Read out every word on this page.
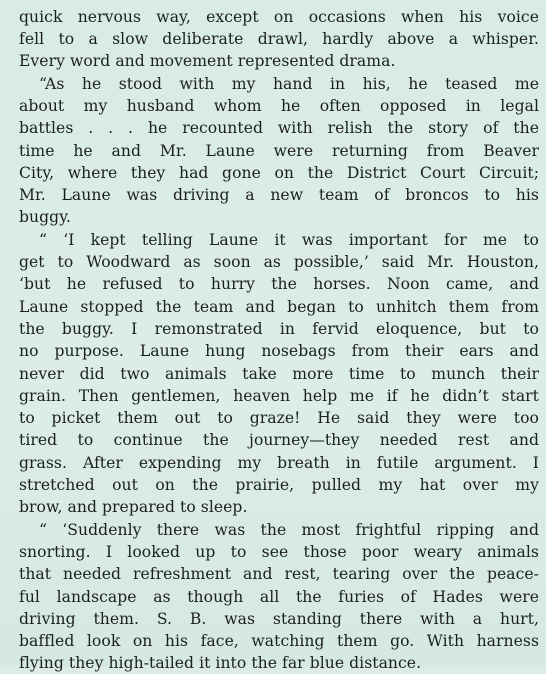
quick nervous way, except on occasions when his voice
fell to a slow deliberate drawl, hardly above a whisper.
Every word and movement represented drama.
“As he stood with my hand in his, he teased me
about my husband whom he often opposed in legal
battles . . . he recounted with relish the story of the
time he and Mr. Laune were returning from Beaver
City, where they had gone on the District Court Circuit;
Mr. Laune was driving a new team of broncos to his
buggy.
“ ‘I kept telling Laune it was important for me to
get to Woodward as soon as possible,’ said Mr. Houston,
‘but he refused to hurry the horses. Noon came, and
Laune stopped the team and began to unhitch them from
the buggy. I remonstrated in fervid eloquence, but to
no purpose. Laune hung nosebags from their ears and
never did two animals take more time to munch their
grain. Then gentlemen, heaven help me if he didn’t start
to picket them out to graze! He said they were too
tired to continue the journey—they needed rest and
grass. After expending my breath in futile argument. I
stretched out on the prairie, pulled my hat over my
brow, and prepared to sleep.
“ ‘Suddenly there was the most frightful ripping and
snorting. I looked up to see those poor weary animals
that needed refreshment and rest, tearing over the peace-
ful landscape as though all the furies of Hades were
driving them. S. B. was standing there with a hurt,
baffled look on his face, watching them go. With harness
flying they high-tailed it into the far blue distance.
